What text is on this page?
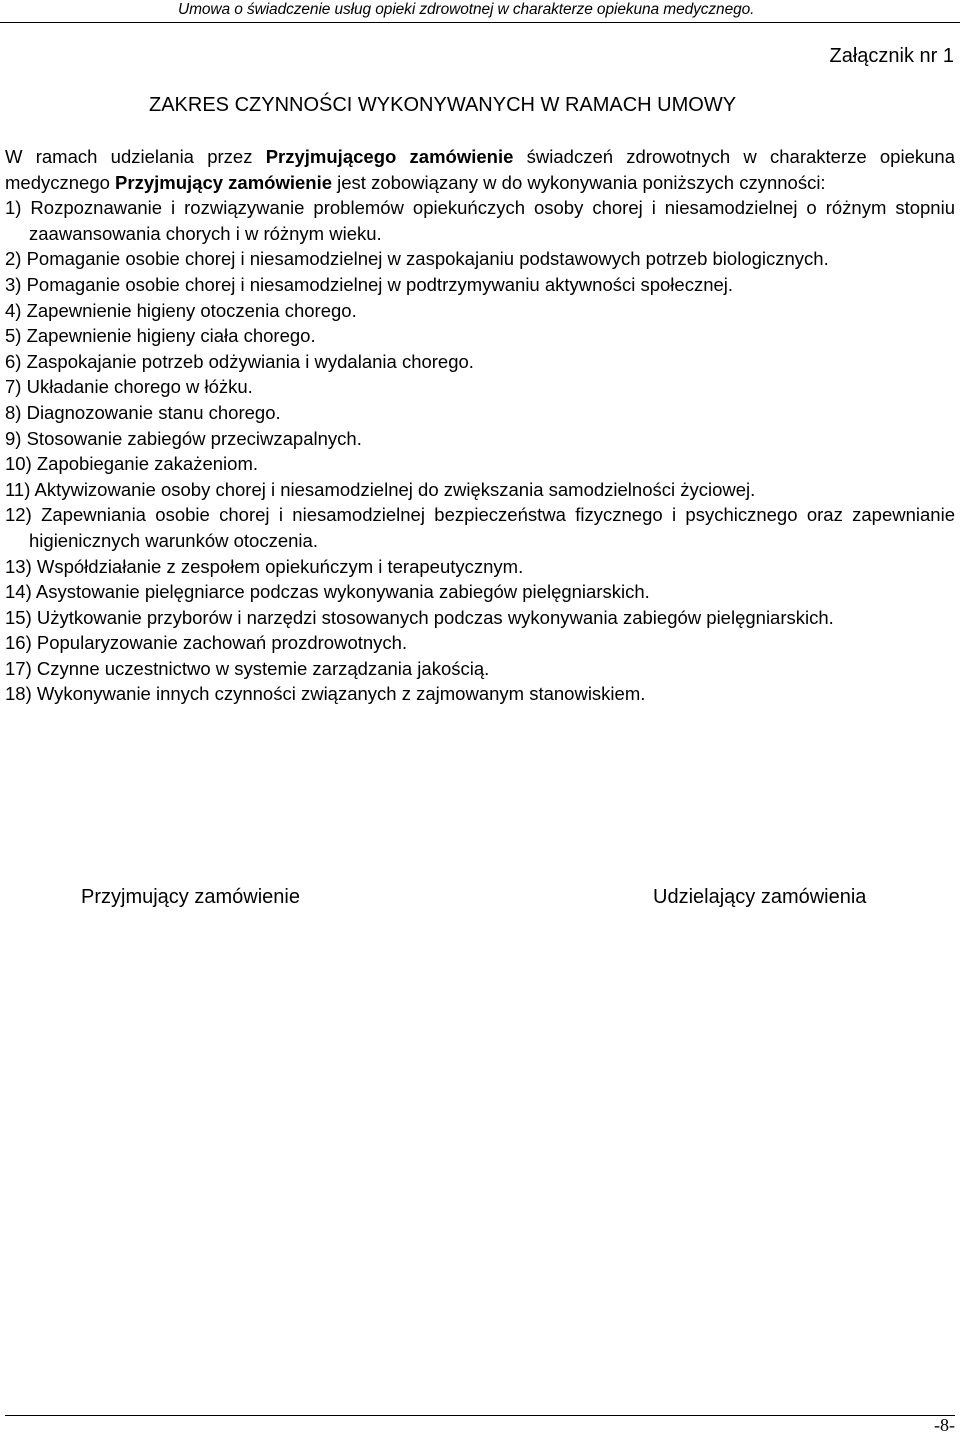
Umowa o świadczenie usług opieki zdrowotnej w charakterze opiekuna medycznego.
Załącznik nr 1
ZAKRES CZYNNOŚCI WYKONYWANYCH W RAMACH UMOWY
W ramach udzielania przez Przyjmującego zamówienie świadczeń zdrowotnych w charakterze opiekuna medycznego Przyjmujący zamówienie jest zobowiązany w do wykonywania poniższych czynności:
1) Rozpoznawanie i rozwiązywanie problemów opiekuńczych osoby chorej i niesamodzielnej o różnym stopniu zaawansowania chorych i w różnym wieku.
2) Pomaganie osobie chorej i niesamodzielnej w zaspokajaniu podstawowych potrzeb biologicznych.
3) Pomaganie osobie chorej i niesamodzielnej w podtrzymywaniu aktywności społecznej.
4) Zapewnienie higieny otoczenia chorego.
5) Zapewnienie higieny ciała chorego.
6) Zaspokajanie potrzeb odżywiania i wydalania chorego.
7) Układanie chorego w łóżku.
8) Diagnozowanie stanu chorego.
9) Stosowanie zabiegów przeciwzapalnych.
10) Zapobieganie zakażeniom.
11) Aktywizowanie osoby chorej i niesamodzielnej do zwiększania samodzielności życiowej.
12) Zapewniania osobie chorej i niesamodzielnej bezpieczeństwa fizycznego i psychicznego oraz zapewnianie higienicznych warunków otoczenia.
13) Współdziałanie z zespołem opiekuńczym i terapeutycznym.
14) Asystowanie pielęgniarce podczas wykonywania zabiegów pielęgniarskich.
15) Użytkowanie przyborów i narzędzi stosowanych podczas wykonywania zabiegów pielęgniarskich.
16) Popularyzowanie zachowań prozdrowotnych.
17) Czynne uczestnictwo w systemie zarządzania jakością.
18) Wykonywanie innych czynności związanych z zajmowanym stanowiskiem.
Przyjmujący zamówienie	Udzielający zamówienia
-8-
